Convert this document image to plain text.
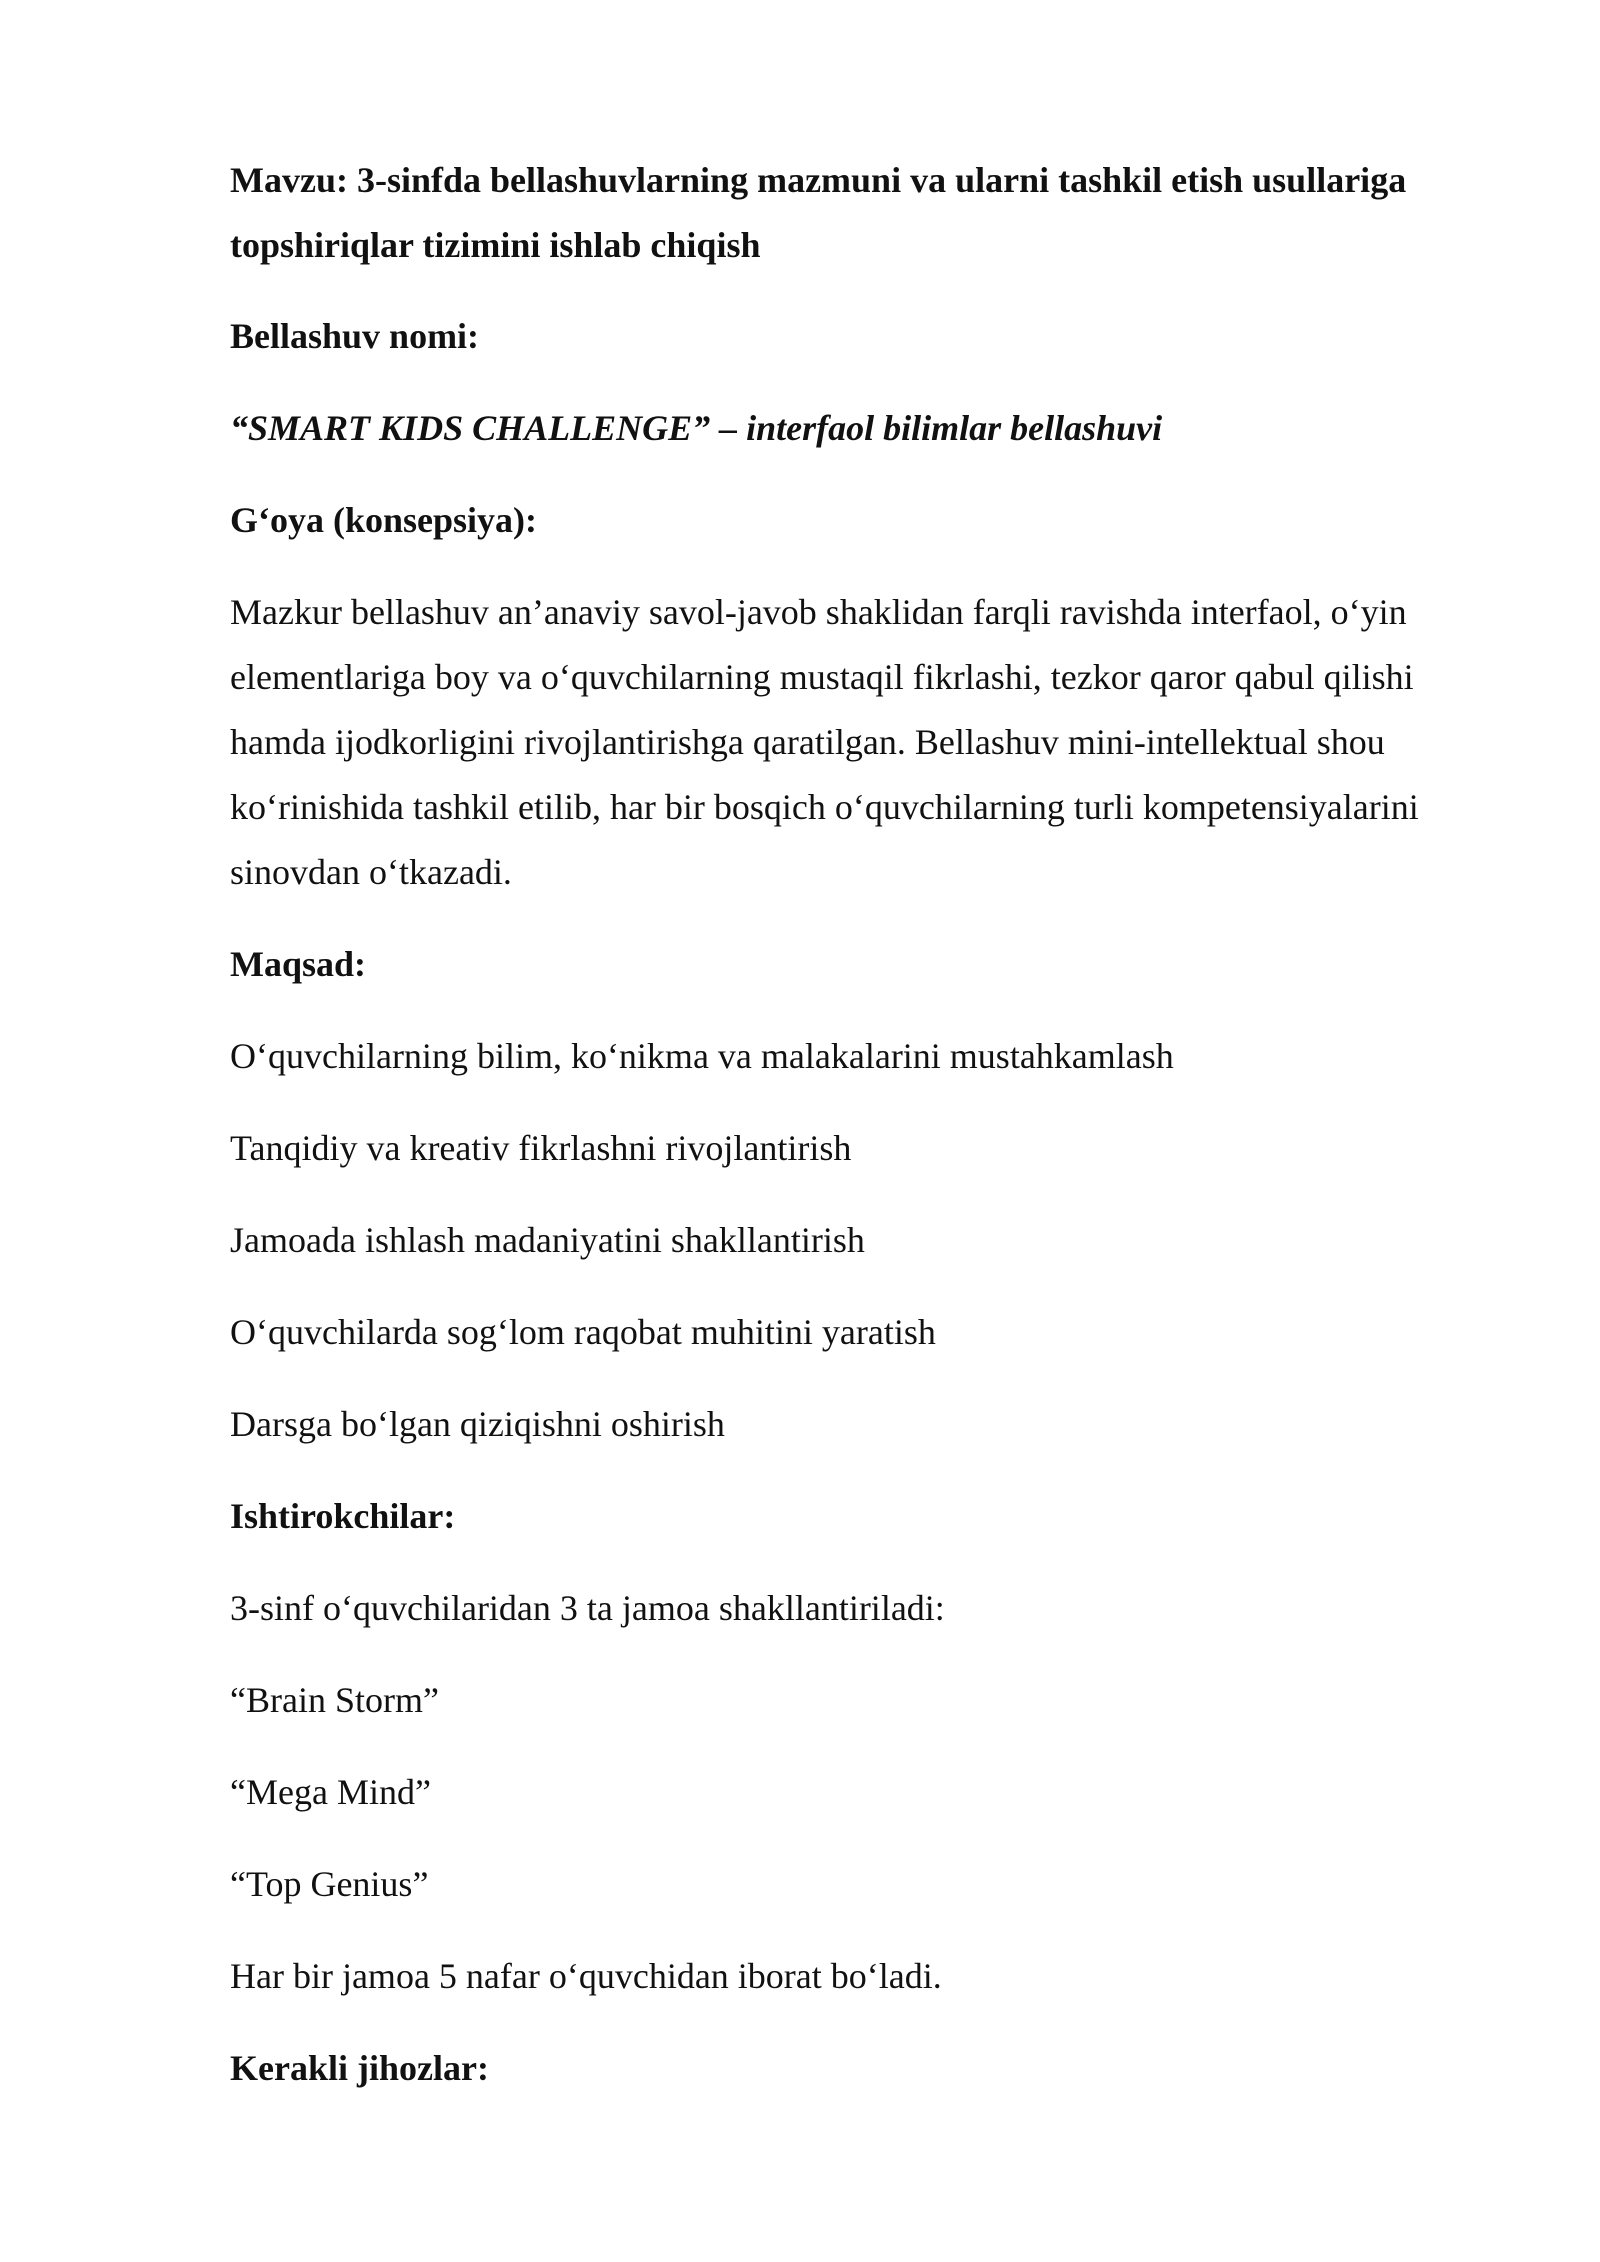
Mavzu: 3-sinfda bellashuvlarning mazmuni va ularni tashkil etish usullariga topshiriqlar tizimini ishlab chiqish

Bellashuv nomi:

“SMART KIDS CHALLENGE” – interfaol bilimlar bellashuvi

G‘oya (konsepsiya):

Mazkur bellashuv an’anaviy savol-javob shaklidan farqli ravishda interfaol, o‘yin elementlariga boy va o‘quvchilarning mustaqil fikrlashi, tezkor qaror qabul qilishi hamda ijodkorligini rivojlantirishga qaratilgan. Bellashuv mini-intellektual shou ko‘rinishida tashkil etilib, har bir bosqich o‘quvchilarning turli kompetensiyalarini sinovdan o‘tkazadi.

Maqsad:

O‘quvchilarning bilim, ko‘nikma va malakalarini mustahkamlash

Tanqidiy va kreativ fikrlashni rivojlantirish

Jamoada ishlash madaniyatini shakllantirish

O‘quvchilarda sog‘lom raqobat muhitini yaratish

Darsga bo‘lgan qiziqishni oshirish

Ishtirokchilar:

3-sinf o‘quvchilaridan 3 ta jamoa shakllantiriladi:

“Brain Storm”

“Mega Mind”

“Top Genius”

Har bir jamoa 5 nafar o‘quvchidan iborat bo‘ladi.

Kerakli jihozlar:
